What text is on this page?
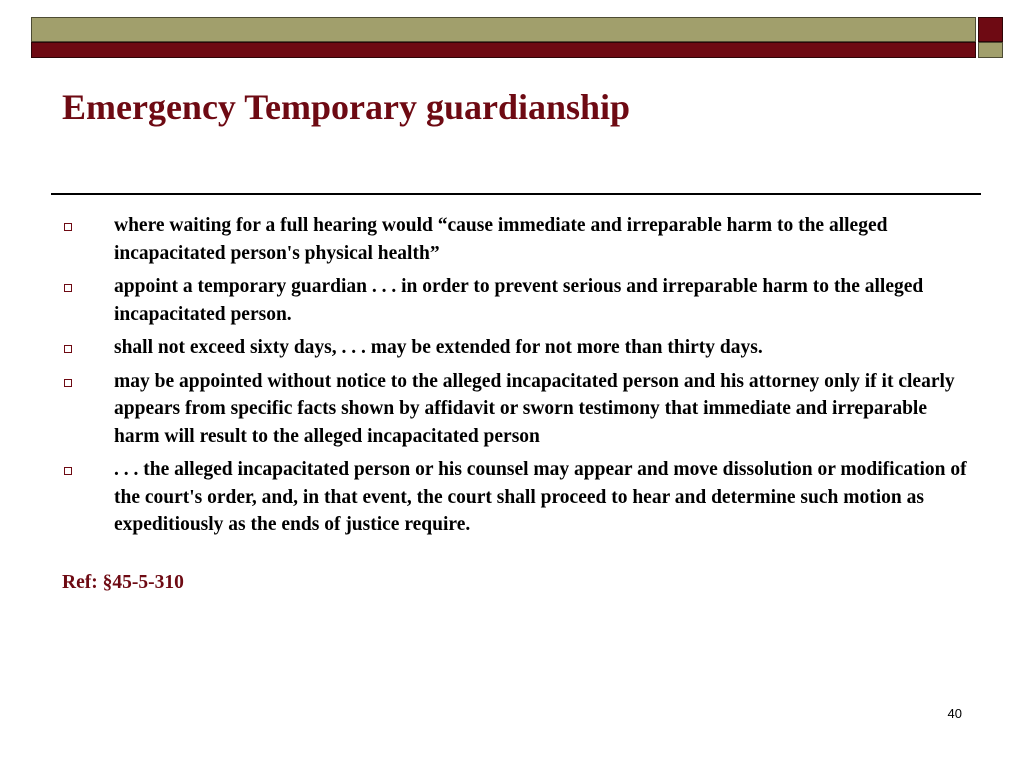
Emergency Temporary guardianship
where waiting for a full hearing would “cause immediate and irreparable harm to the alleged incapacitated person's physical health”
appoint a temporary guardian . . . in order to prevent serious and irreparable harm to the alleged incapacitated person.
shall not exceed sixty days, . . . may be extended for not more than thirty days.
may be appointed without notice to the alleged incapacitated person and his attorney only if it clearly appears from specific facts shown by affidavit or sworn testimony that immediate and irreparable harm will result to the alleged incapacitated person
. . . the alleged incapacitated person or his counsel may appear and move dissolution or modification of the court's order, and, in that event, the court shall proceed to hear and determine such motion as expeditiously as the ends of justice require.

Ref: §45-5-310

40
